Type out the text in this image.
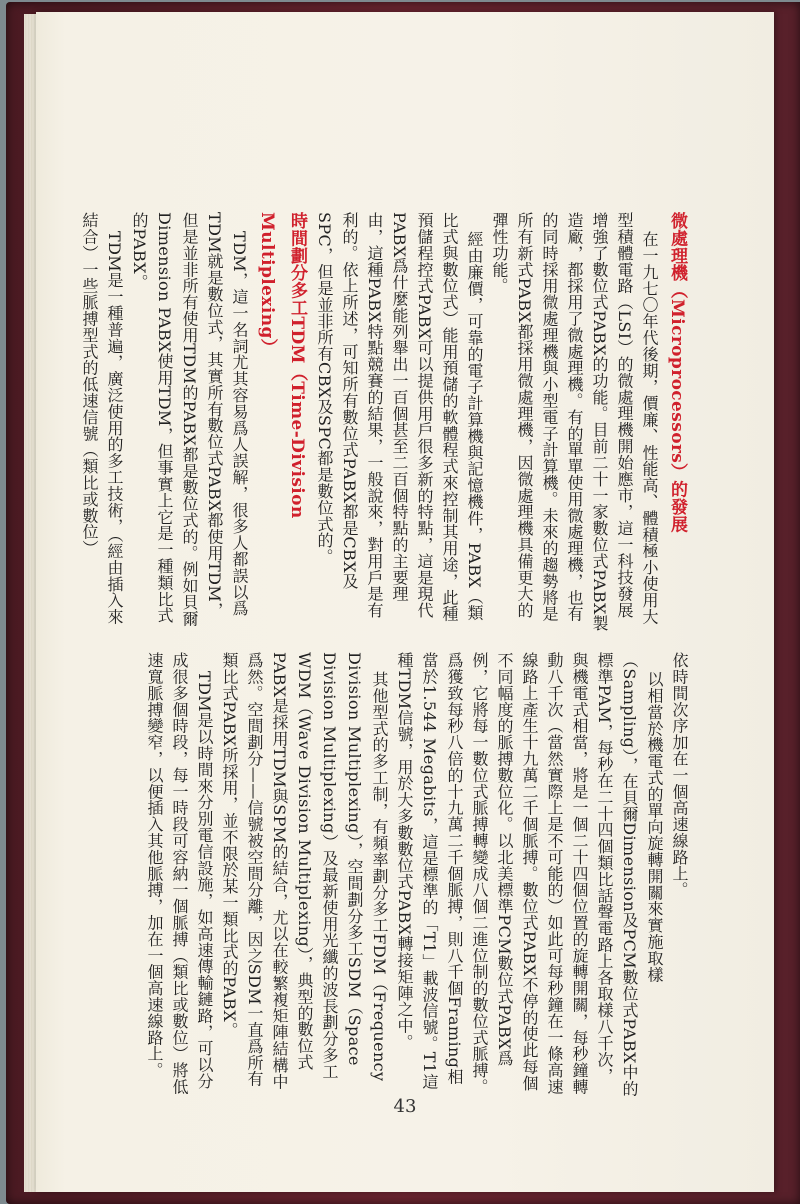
微處理機（Microprocessors）的發展

在一九七〇年代後期，價廉、性能高、體積極小使用大型積體電路（LSI）的微處理機開始應市，這一科技發展增強了數位式PABX的功能。目前二十一家數位式PABX製造廠，都採用了微處理機。有的單單使用微處理機，也有的同時採用微處理機與小型電子計算機。未來的趨勢將是所有新式PABX都採用微處理機，因微處理機具備更大的彈性功能。

經由廉價，可靠的電子計算機與記憶機件，PABX（類比式與數位式）能用預儲的軟體程式來控制其用途，此種預儲程控式PABX可以提供用戶很多新的特點，這是現代PABX爲什麼能列舉出一百個甚至二百個特點的主要理由，這種PABX特點競賽的結果，一般說來，對用戶是有利的。依上所述，可知所有數位式PABX都是CBX及SPC，但是並非所有CBX及SPC都是數位式的。

時間劃分多工TDM（Time-Division Multiplexing）

TDM，這一名詞尤其容易爲人誤解，很多人都誤以爲TDM就是數位式，其實所有數位式PABX都使用TDM，但是並非所有使用TDM的PABX都是數位式的。例如貝爾Dimension PABX使用TDM，但事實上它是一種類比式的PABX。

TDM是一種普遍，廣泛使用的多工技術，（經由插入來結合）一些脈搏型式的低速信號（類比或數位）

依時間次序加在一個高速線路上。

以相當於機電式的單向旋轉開關來實施取樣（Sampling），在貝爾Dimension及PCM數位式PABX中的標準PAM，每秒在二十四個類比話聲電路上各取樣八千次，與機電式相當，將是一個二十四個位置的旋轉開關，每秒鐘轉動八千次（當然實際上是不可能的）如此可每秒鐘在一條高速線路上產生十九萬二千個脈搏。數位式PABX不停的使此每個不同幅度的脈搏數位化。以北美標準PCM數位式PABX爲例，它將每一數位式脈搏轉變成八個二進位制的數位式脈搏。爲獲致每秒八倍的十九萬二千個脈搏，則八千個Framing相當於1.544 Megabits，這是標準的「T1」載波信號。T1這種TDM信號，用於大多數數位式PABX轉接矩陣之中。

其他型式的多工制，有頻率劃分多工FDM（Frequency Division Multiplexing），空間劃分多工SDM（Space Division Multiplexing）及最新使用光纖的波長劃分多工WDM（Wave Division Multiplexing），典型的數位式PABX是採用TDM與SPM的結合，尤以在較繁複矩陣結構中爲然。空間劃分——信號被空間分離，因之SDM一直爲所有類比式PABX所採用，並不限於某一類比式的PABX。

TDM是以時間來分別電信設施，如高速傳輸鏈路，可以分成很多個時段，每一時段可容納一個脈搏（類比或數位）將低速寬脈搏變窄，以便插入其他脈搏，加在一個高速線路上。

43
